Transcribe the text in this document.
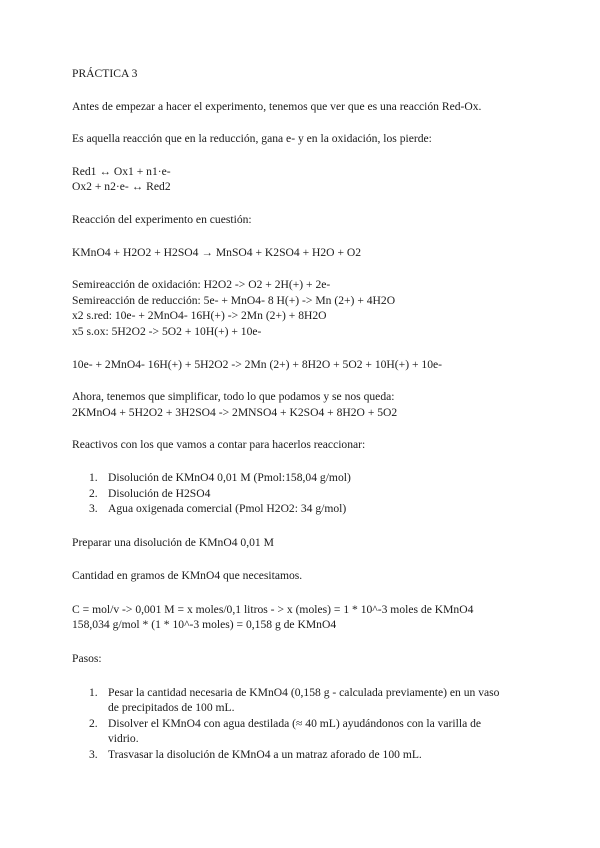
PRÁCTICA 3
Antes de empezar a hacer el experimento, tenemos que ver que es una reacción Red-Ox.
Es aquella reacción que en la reducción, gana e- y en la oxidación, los pierde:
Red1 ↔ Ox1 + n1·e-
Ox2 + n2·e- ↔ Red2
Reacción del experimento en cuestión:
KMnO4 + H2O2 + H2SO4 → MnSO4 + K2SO4 + H2O + O2
Semireacción de oxidación: H2O2 -> O2 + 2H(+) + 2e-
Semireacción de reducción: 5e- + MnO4- 8 H(+) -> Mn (2+) + 4H2O
x2 s.red: 10e- + 2MnO4- 16H(+) -> 2Mn (2+) + 8H2O
x5 s.ox: 5H2O2 -> 5O2 + 10H(+) + 10e-
10e- + 2MnO4- 16H(+) + 5H2O2 -> 2Mn (2+) + 8H2O + 5O2 + 10H(+) + 10e-
Ahora, tenemos que simplificar, todo lo que podamos y se nos queda:
2KMnO4 + 5H2O2 + 3H2SO4 -> 2MNSO4 + K2SO4 + 8H2O + 5O2
Reactivos con los que vamos a contar para hacerlos reaccionar:
1. Disolución de KMnO4 0,01 M (Pmol:158,04 g/mol)
2. Disolución de H2SO4
3. Agua oxigenada comercial (Pmol H2O2: 34 g/mol)
Preparar una disolución de KMnO4 0,01 M
Cantidad en gramos de KMnO4 que necesitamos.
C = mol/v -> 0,001 M = x moles/0,1 litros - > x (moles) = 1 * 10^-3 moles de KMnO4
158,034 g/mol * (1 * 10^-3 moles) = 0,158 g de KMnO4
Pasos:
1. Pesar la cantidad necesaria de KMnO4 (0,158 g - calculada previamente) en un vaso de precipitados de 100 mL.
2. Disolver el KMnO4 con agua destilada (≈ 40 mL) ayudándonos con la varilla de vidrio.
3. Trasvasar la disolución de KMnO4 a un matraz aforado de 100 mL.
